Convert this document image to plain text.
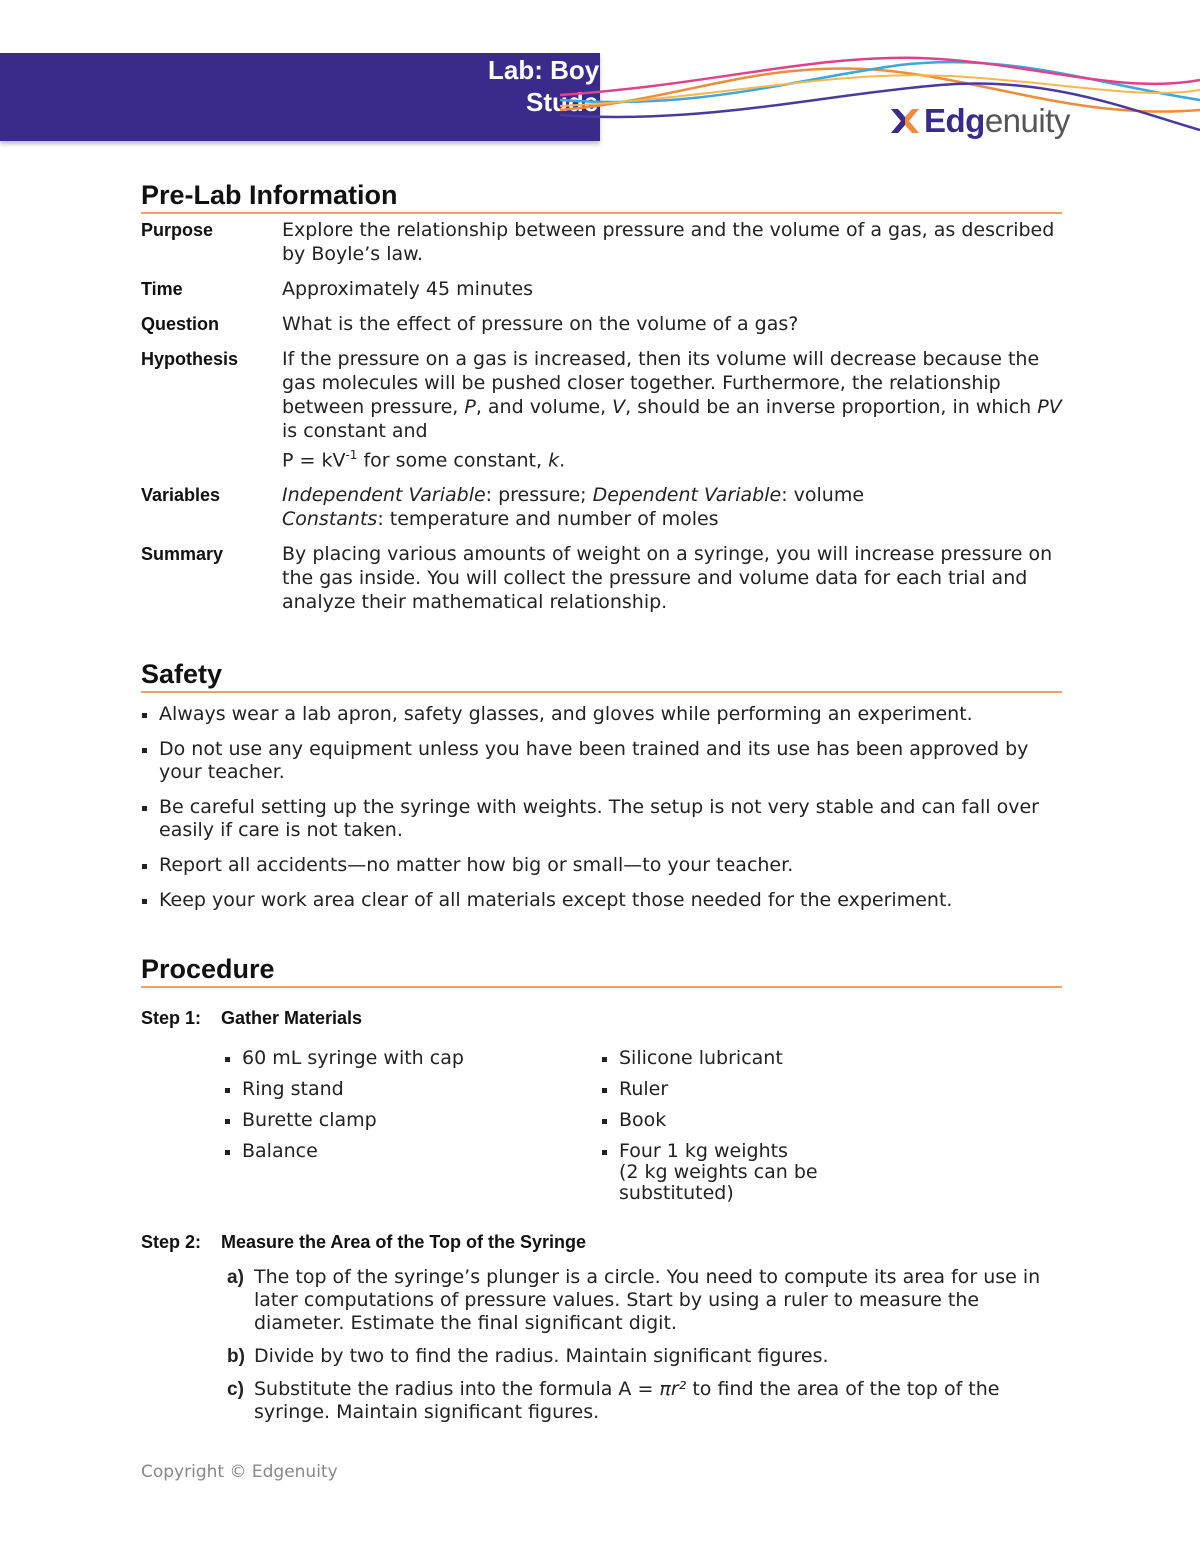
Lab: Boy
Stude	Edgenuity
Pre-Lab Information
Purpose	Explore the relationship between pressure and the volume of a gas, as described by Boyle’s law.
Time	Approximately 45 minutes
Question	What is the effect of pressure on the volume of a gas?
Hypothesis	If the pressure on a gas is increased, then its volume will decrease because the gas molecules will be pushed closer together. Furthermore, the relationship between pressure, P, and volume, V, should be an inverse proportion, in which PV is constant and
$P = kV^{-1}$ for some constant, k.
Variables	Independent Variable: pressure; Dependent Variable: volume
Constants: temperature and number of moles
Summary	By placing various amounts of weight on a syringe, you will increase pressure on the gas inside. You will collect the pressure and volume data for each trial and analyze their mathematical relationship.
Safety
Always wear a lab apron, safety glasses, and gloves while performing an experiment.
Do not use any equipment unless you have been trained and its use has been approved by your teacher.
Be careful setting up the syringe with weights. The setup is not very stable and can fall over easily if care is not taken.
Report all accidents—no matter how big or small—to your teacher.
Keep your work area clear of all materials except those needed for the experiment.
Procedure
Step 1: Gather Materials
60 mL syringe with cap
Ring stand
Burette clamp
Balance
Silicone lubricant
Ruler
Book
Four 1 kg weights
(2 kg weights can be substituted)
Step 2: Measure the Area of the Top of the Syringe
a) The top of the syringe’s plunger is a circle. You need to compute its area for use in later computations of pressure values. Start by using a ruler to measure the diameter. Estimate the final significant digit.
b) Divide by two to find the radius. Maintain significant figures.
c) Substitute the radius into the formula A = πr² to find the area of the top of the syringe. Maintain significant figures.
Copyright © Edgenuity
